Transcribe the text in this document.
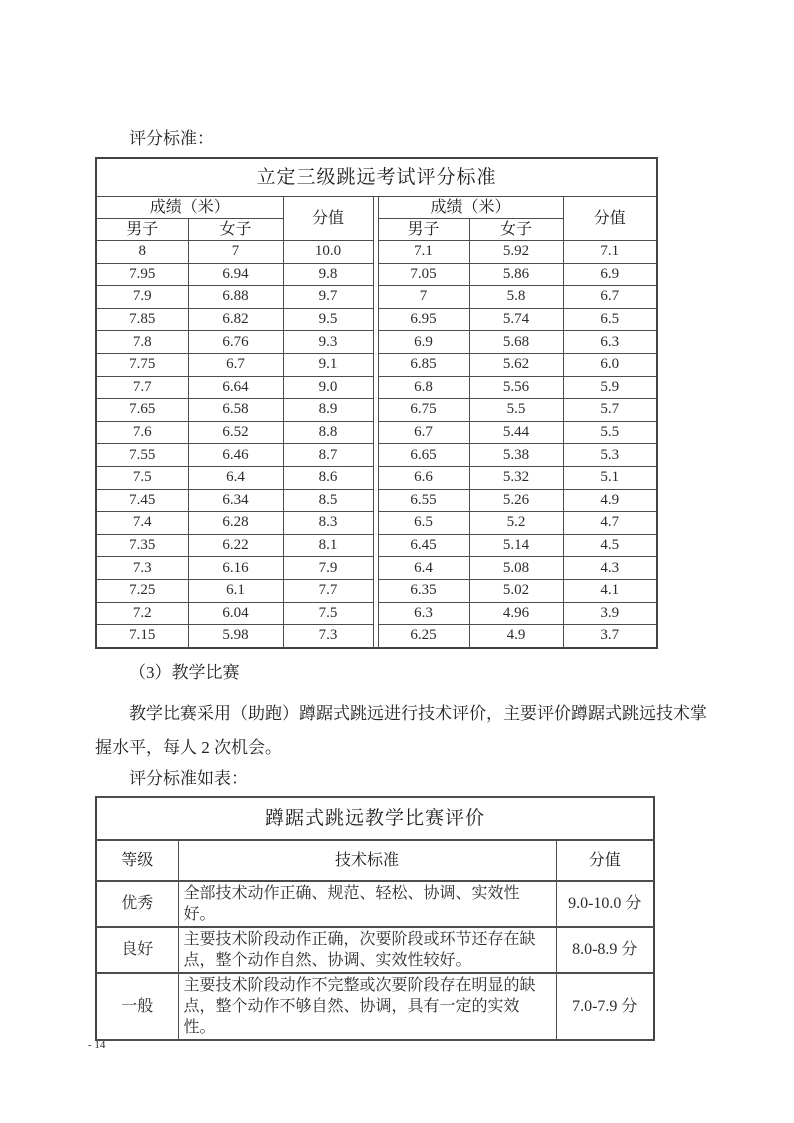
评分标准：
立定三级跳远考试评分标准						
成绩（米）		分值		成绩（米）		分值
男子	女子			男子	女子	
8	7	10.0		7.1	5.92	7.1
7.95	6.94	9.8		7.05	5.86	6.9
7.9	6.88	9.7		7	5.8	6.7
7.85	6.82	9.5		6.95	5.74	6.5
7.8	6.76	9.3		6.9	5.68	6.3
7.75	6.7	9.1		6.85	5.62	6.0
7.7	6.64	9.0		6.8	5.56	5.9
7.65	6.58	8.9		6.75	5.5	5.7
7.6	6.52	8.8		6.7	5.44	5.5
7.55	6.46	8.7		6.65	5.38	5.3
7.5	6.4	8.6		6.6	5.32	5.1
7.45	6.34	8.5		6.55	5.26	4.9
7.4	6.28	8.3		6.5	5.2	4.7
7.35	6.22	8.1		6.45	5.14	4.5
7.3	6.16	7.9		6.4	5.08	4.3
7.25	6.1	7.7		6.35	5.02	4.1
7.2	6.04	7.5		6.3	4.96	3.9
7.15	5.98	7.3		6.25	4.9	3.7
（3）教学比赛
教学比赛采用（助跑）蹲踞式跳远进行技术评价，主要评价蹲踞式跳远技术掌握水平，每人 2 次机会。
评分标准如表：
蹲踞式跳远教学比赛评价		
等级	技术标准	分值
优秀	全部技术动作正确、规范、轻松、协调、实效性好。	9.0-10.0 分
良好	主要技术阶段动作正确，次要阶段或环节还存在缺点，整个动作自然、协调、实效性较好。	8.0-8.9 分
一般	主要技术阶段动作不完整或次要阶段存在明显的缺点，整个动作不够自然、协调，具有一定的实效性。	7.0-7.9 分
- 14
